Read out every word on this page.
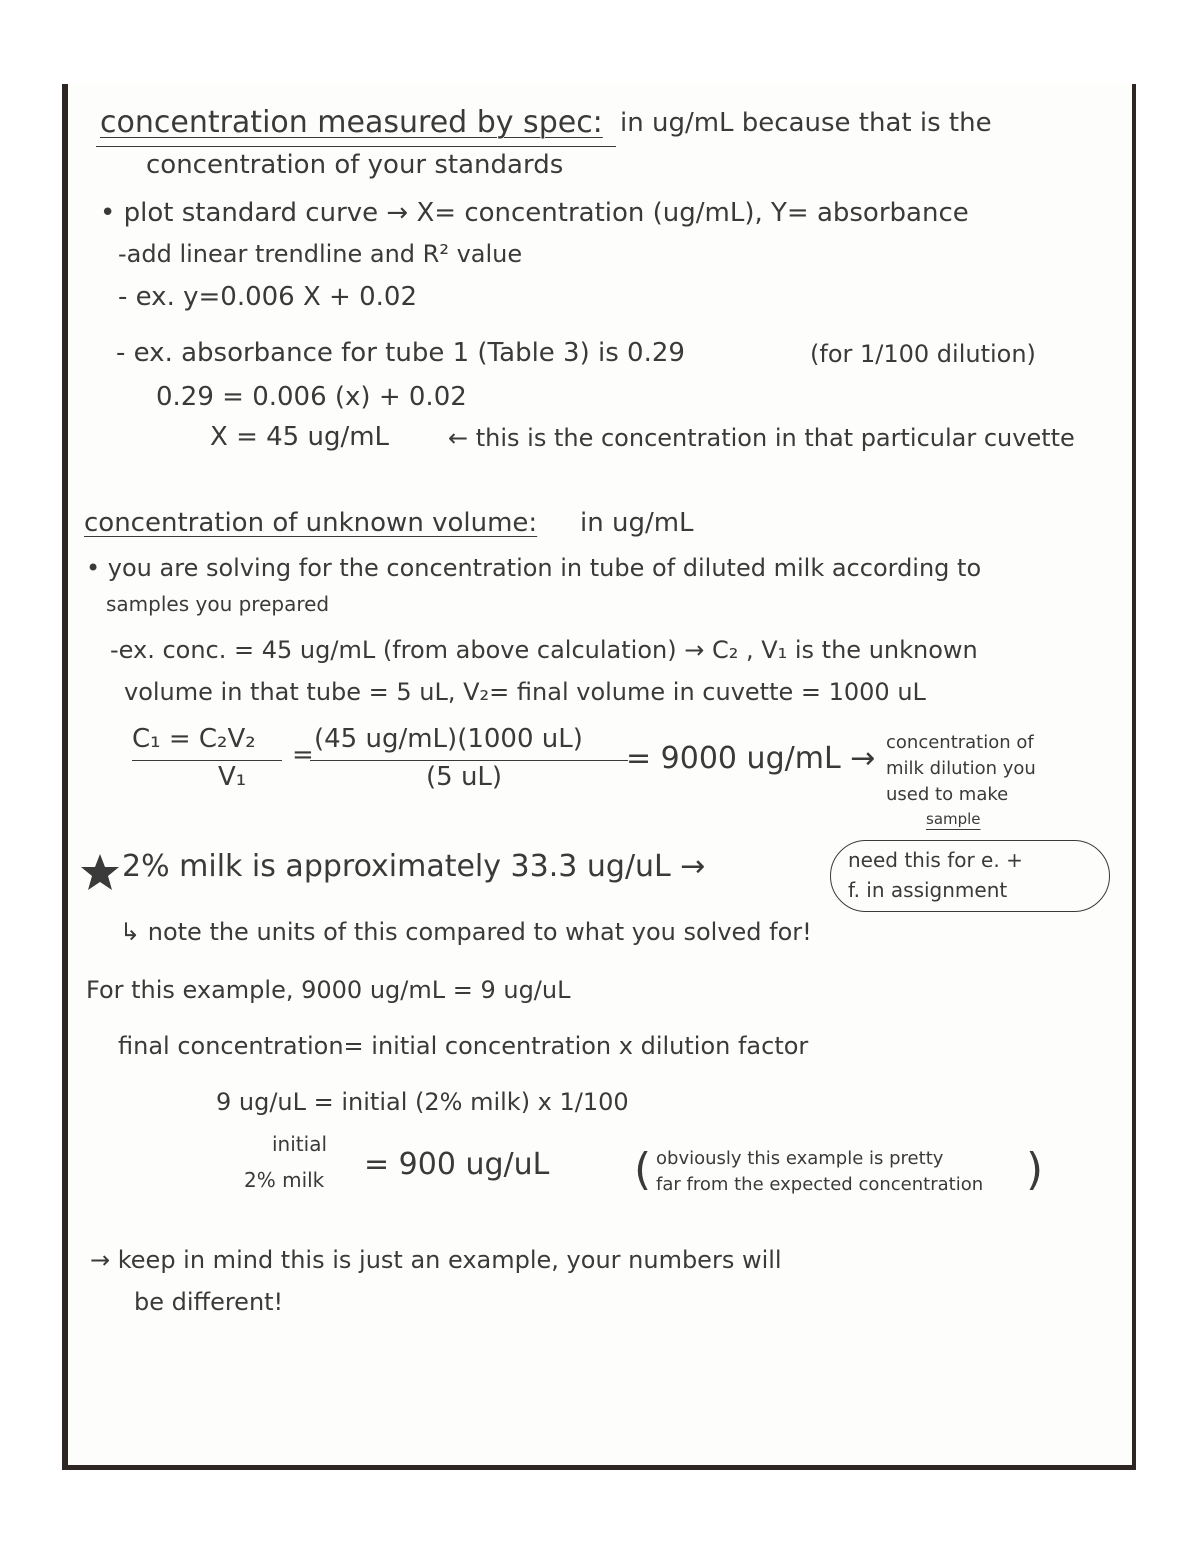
concentration measured by spec: in ug/mL because that is the
concentration of your standards
• plot standard curve → X= concentration (ug/mL), Y= absorbance
-add linear trendline and R² value
- ex. y=0.006 X + 0.02
- ex. absorbance for tube 1 (Table 3) is 0.29	(for 1/100 dilution)
0.29 = 0.006 (x) + 0.02
X = 45 ug/mL ← this is the concentration in that particular cuvette
concentration of unknown volume: in ug/mL
• you are solving for the concentration in tube of diluted milk according to
samples you prepared
-ex. conc. = 45 ug/mL (from above calculation) → C₂ , V₁ is the unknown
volume in that tube = 5 uL, V₂= final volume in cuvette = 1000 uL
C₁ = C₂V₂
V₁
=
(45 ug/mL)(1000 uL)
(5 uL)
= 9000 ug/mL → concentration of
milk dilution you
used to make
sample
2% milk is approximately 33.3 ug/uL →	need this for e. +
f. in assignment
↳ note the units of this compared to what you solved for!
For this example, 9000 ug/mL = 9 ug/uL
final concentration= initial concentration x dilution factor
9 ug/uL = initial (2% milk) x 1/100
initial
2% milk = 900 ug/uL ( obviously this example is pretty
far from the expected concentration )
→ keep in mind this is just an example, your numbers will
be different!
